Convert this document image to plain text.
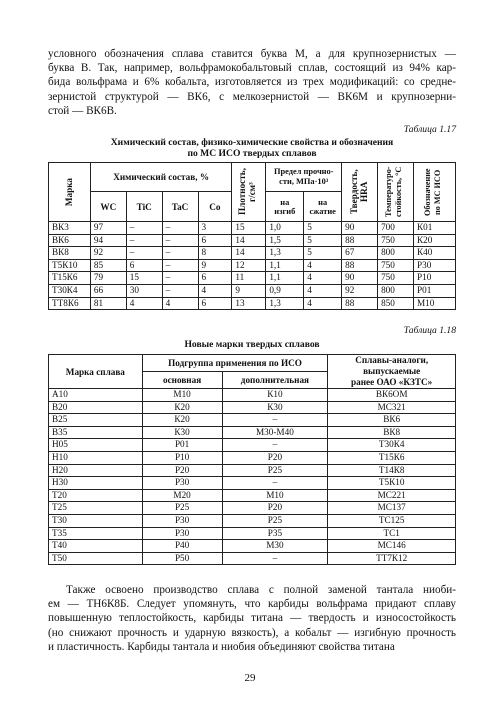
условного обозначения сплава ставится буква М, а для крупнозернистых —
буква В. Так, например, вольфрамокобальтовый сплав, состоящий из 94% кар-
бида вольфрама и 6% кобальта, изготовляется из трех модификаций: со средне-
зернистой структурой — ВК6, с мелкозернистой — ВК6М и крупнозерни-
стой — ВК6В.
Таблица 1.17
Химический состав, физико-химические свойства и обозначения
по МС ИСО твердых сплавов
Марка	Химический состав, %				Плотность, г/см³	Предел прочно-сти, МПа·10³		Твердость, HRA	Температуро-стойкость, °С	Обозначение по МС ИСО

	WC	TiC	TaC	Co		на изгиб	на сжатие			
ВК3	97	–	–	3	15	1,0	5	90	700	К01
ВК6	94	–	–	6	14	1,5	5	88	750	К20
ВК8	92	–	–	8	14	1,3	5	67	800	К40
Т5К10	85	6	–	9	12	1,1	4	88	750	Р30
Т15К6	79	15	–	6	11	1,1	4	90	750	Р10
Т30К4	66	30	–	4	9	0,9	4	92	800	Р01
ТТ8К6	81	4	4	6	13	1,3	4	88	850	М10
Таблица 1.18
Новые марки твердых сплавов
Марка сплава	Подгруппа применения по ИСО		Сплавы-аналоги, выпускаемые
ранее ОАО «КЗТС»

	основная	дополнительная	
А10	М10	К10	ВК6ОМ
В20	К20	К30	МС321
В25	К20	–	ВК6
В35	К30	М30-М40	ВК8
Н05	Р01	–	Т30К4
Н10	Р10	Р20	Т15К6
Н20	Р20	Р25	Т14К8
Н30	Р30	–	Т5К10
Т20	М20	М10	МС221
Т25	Р25	Р20	МС137
Т30	Р30	Р25	ТС125
Т35	Р30	Р35	ТС1
Т40	Р40	М30	МС146
Т50	Р50	–	ТТ7К12
Также освоено производство сплава с полной заменой тантала ниоби-
ем — ТН6К8Б. Следует упомянуть, что карбиды вольфрама придают сплаву
повышенную теплостойкость, карбиды титана — твердость и износостойкость
(но снижают прочность и ударную вязкость), а кобальт — изгибную прочность
и пластичность. Карбиды тантала и ниобия объединяют свойства титана
29
